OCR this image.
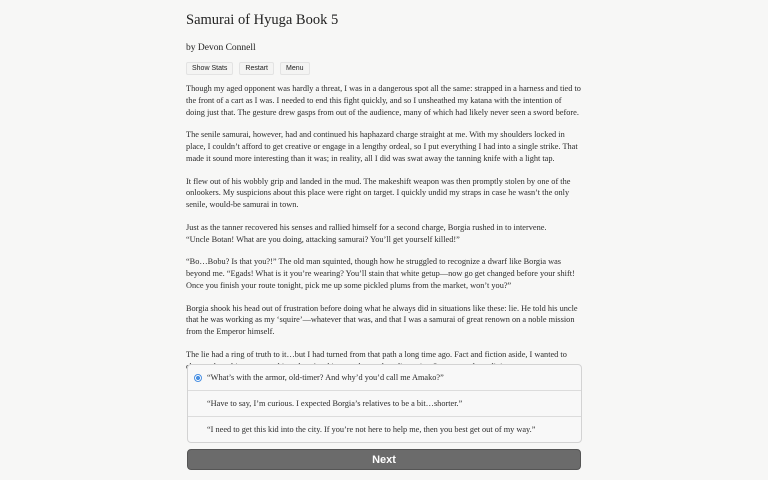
Samurai of Hyuga Book 5
by Devon Connell
Show Stats	Restart	Menu

Though my aged opponent was hardly a threat, I was in a dangerous spot all the same: strapped in a harness and tied to the front of a cart as I was. I needed to end this fight quickly, and so I unsheathed my katana with the intention of doing just that. The gesture drew gasps from out of the audience, many of which had likely never seen a sword before.

The senile samurai, however, had and continued his haphazard charge straight at me. With my shoulders locked in place, I couldn’t afford to get creative or engage in a lengthy ordeal, so I put everything I had into a single strike. That made it sound more interesting than it was; in reality, all I did was swat away the tanning knife with a light tap.

It flew out of his wobbly grip and landed in the mud. The makeshift weapon was then promptly stolen by one of the onlookers. My suspicions about this place were right on target. I quickly undid my straps in case he wasn’t the only senile, would-be samurai in town.

Just as the tanner recovered his senses and rallied himself for a second charge, Borgia rushed in to intervene.
“Uncle Botan! What are you doing, attacking samurai? You’ll get yourself killed!”

“Bo…Bobu? Is that you?!” The old man squinted, though how he struggled to recognize a dwarf like Borgia was beyond me. “Egads! What is it you’re wearing? You’ll stain that white getup—now go get changed before your shift! Once you finish your route tonight, pick me up some pickled plums from the market, won’t you?”

Borgia shook his head out of frustration before doing what he always did in situations like these: lie. He told his uncle that he was working as my ‘squire’—whatever that was, and that I was a samurai of great renown on a noble mission from the Emperor himself.

The lie had a ring of truth to it…but I had turned from that path a long time ago. Fact and fiction aside, I wanted to

“What’s with the armor, old-timer? And why’d you’d call me Amako?”
“Have to say, I’m curious. I expected Borgia’s relatives to be a bit…shorter.”
“I need to get this kid into the city. If you’re not here to help me, then you best get out of my way.”
Next
